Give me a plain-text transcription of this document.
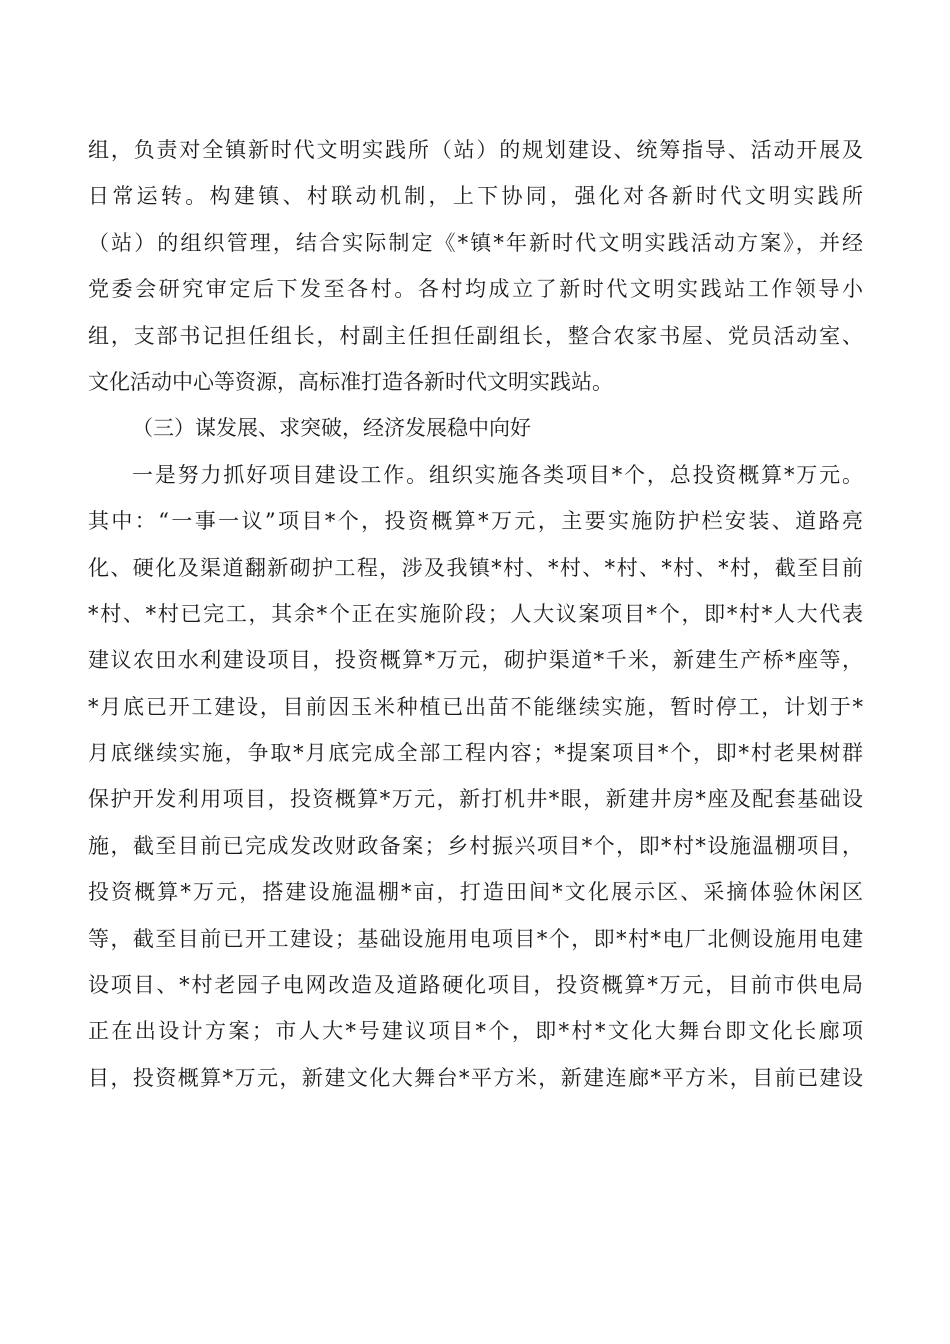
组，负责对全镇新时代文明实践所（站）的规划建设、统筹指导、活动开展及
日常运转。构建镇、村联动机制，上下协同，强化对各新时代文明实践所
（站）的组织管理，结合实际制定《*镇*年新时代文明实践活动方案》，并经
党委会研究审定后下发至各村。各村均成立了新时代文明实践站工作领导小
组，支部书记担任组长，村副主任担任副组长，整合农家书屋、党员活动室、
文化活动中心等资源，高标准打造各新时代文明实践站。
（三）谋发展、求突破，经济发展稳中向好
一是努力抓好项目建设工作。组织实施各类项目*个，总投资概算*万元。
其中：“一事一议”项目*个，投资概算*万元，主要实施防护栏安装、道路亮
化、硬化及渠道翻新砌护工程，涉及我镇*村、*村、*村、*村、*村，截至目前
*村、*村已完工，其余*个正在实施阶段；人大议案项目*个，即*村*人大代表
建议农田水利建设项目，投资概算*万元，砌护渠道*千米，新建生产桥*座等，
*月底已开工建设，目前因玉米种植已出苗不能继续实施，暂时停工，计划于*
月底继续实施，争取*月底完成全部工程内容；*提案项目*个，即*村老果树群
保护开发利用项目，投资概算*万元，新打机井*眼，新建井房*座及配套基础设
施，截至目前已完成发改财政备案；乡村振兴项目*个，即*村*设施温棚项目，
投资概算*万元，搭建设施温棚*亩，打造田间*文化展示区、采摘体验休闲区
等，截至目前已开工建设；基础设施用电项目*个，即*村*电厂北侧设施用电建
设项目、*村老园子电网改造及道路硬化项目，投资概算*万元，目前市供电局
正在出设计方案；市人大*号建议项目*个，即*村*文化大舞台即文化长廊项
目，投资概算*万元，新建文化大舞台*平方米，新建连廊*平方米，目前已建设
